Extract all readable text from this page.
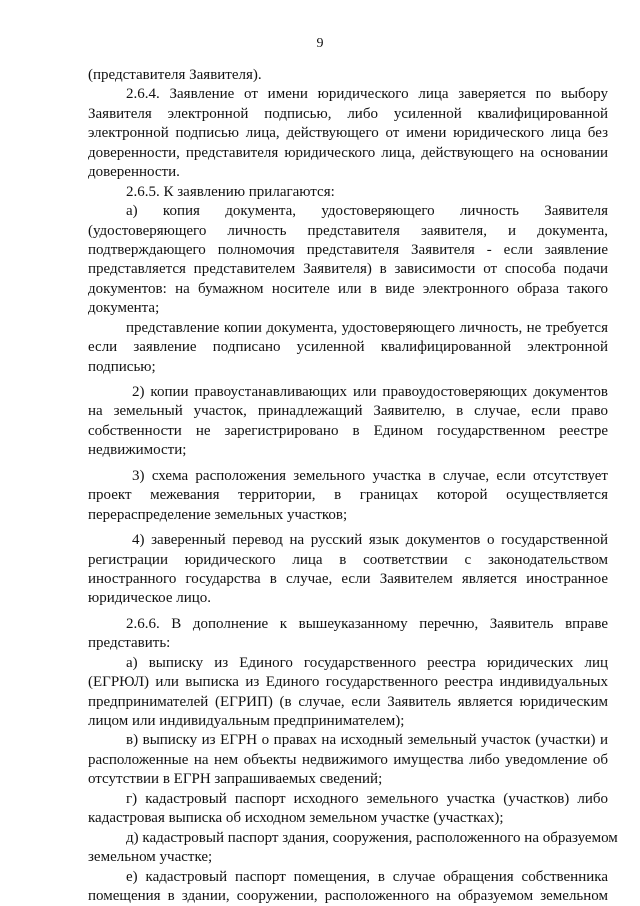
9
(представителя Заявителя).
2.6.4. Заявление от имени юридического лица заверяется по выбору
Заявителя электронной подписью, либо усиленной квалифицированной
электронной подписью лица, действующего от имени юридического лица без
доверенности, представителя юридического лица, действующего на основании
доверенности.
2.6.5. К заявлению прилагаются:
а) копия документа, удостоверяющего личность Заявителя
(удостоверяющего личность представителя заявителя, и документа,
подтверждающего полномочия представителя Заявителя - если заявление
представляется представителем Заявителя) в зависимости от способа подачи
документов: на бумажном носителе или в виде электронного образа такого
документа;
представление копии документа, удостоверяющего личность, не требуется
если заявление подписано усиленной квалифицированной электронной
подписью;
2) копии правоустанавливающих или правоудостоверяющих документов
на земельный участок, принадлежащий Заявителю, в случае, если право
собственности не зарегистрировано в Едином государственном реестре
недвижимости;
3) схема расположения земельного участка в случае, если отсутствует
проект межевания территории, в границах которой осуществляется
перераспределение земельных участков;
4) заверенный перевод на русский язык документов о государственной
регистрации юридического лица в соответствии с законодательством
иностранного государства в случае, если Заявителем является иностранное
юридическое лицо.
2.6.6. В дополнение к вышеуказанному перечню, Заявитель вправе
представить:
а) выписку из Единого государственного реестра юридических лиц
(ЕГРЮЛ) или выписка из Единого государственного реестра индивидуальных
предпринимателей (ЕГРИП) (в случае, если Заявитель является юридическим
лицом или индивидуальным предпринимателем);
в) выписку из ЕГРН о правах на исходный земельный участок (участки) и
расположенные на нем объекты недвижимого имущества либо уведомление об
отсутствии в ЕГРН запрашиваемых сведений;
г) кадастровый паспорт исходного земельного участка (участков) либо
кадастровая выписка об исходном земельном участке (участках);
д) кадастровый паспорт здания, сооружения, расположенного на образуемом
земельном участке;
е) кадастровый паспорт помещения, в случае обращения собственника
помещения в здании, сооружении, расположенного на образуемом земельном
